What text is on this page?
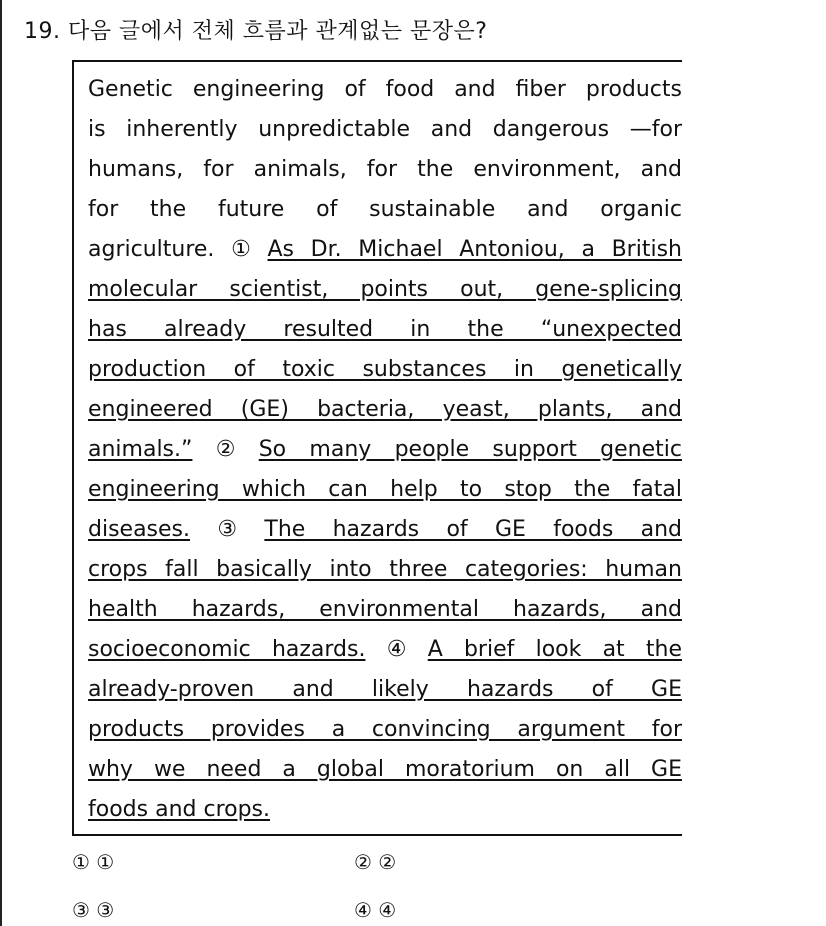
19. 다음 글에서 전체 흐름과 관계없는 문장은?
Genetic engineering of food and fiber products
is inherently unpredictable and dangerous —for
humans, for animals, for the environment, and
for the future of sustainable and organic
agriculture. ① As Dr. Michael Antoniou, a British
molecular scientist, points out, gene-splicing
has already resulted in the “unexpected
production of toxic substances in genetically
engineered (GE) bacteria, yeast, plants, and
animals.” ② So many people support genetic
engineering which can help to stop the fatal
diseases. ③ The hazards of GE foods and
crops fall basically into three categories: human
health hazards, environmental hazards, and
socioeconomic hazards. ④ A brief look at the
already-proven and likely hazards of GE
products provides a convincing argument for
why we need a global moratorium on all GE
foods and crops.
① ①	② ②
③ ③	④ ④
